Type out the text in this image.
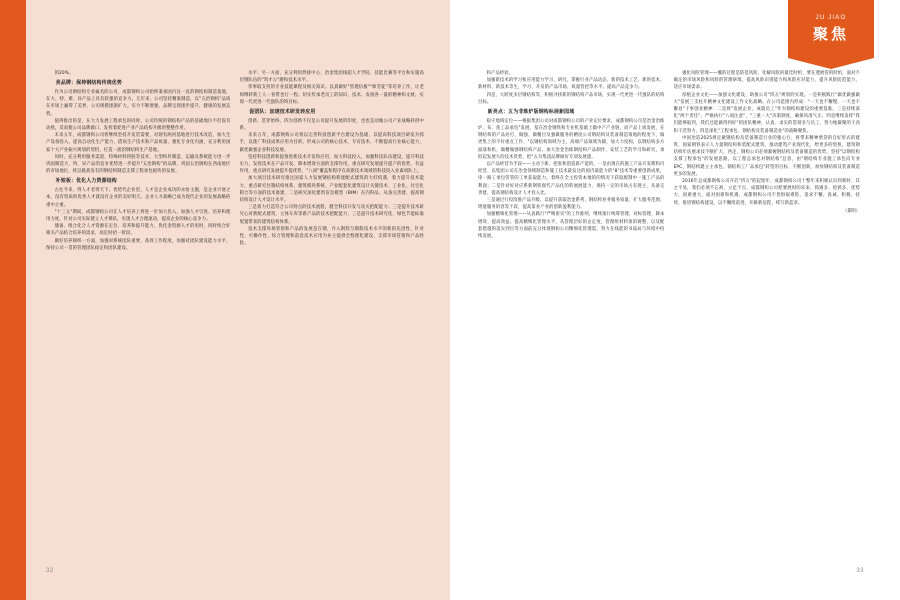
的20%。

亮品牌：保持钢结构传统优势

作为公司钢结构专业属名的公司，成都钢构公司始终秉承国内这一直的钢结构制造基地，在大、特、难、异产品上具有较强的竞争力。几年来，公司坚持精准制造，以"五治钢构"品质在市场上赢得了美誉，公司规模逐渐扩大。实力不断增强，品牌呈现逐步提升，健康的发展态势。

值得推出的是，在大力发展工程承包的同时，公司传统的钢结构产品的基础地位不但没有动摇，反而使公司品牌做口、发挥着促进产业产品结构升级的整整作用。

未来五年，成都钢构公司将继续坚持开发贯需要，对现有两河基地进行技术改造，加大生产设备投入，提高自动化生产能力，搭高生产技术和产品质量，强化专业化内涵，充分利用国家十大产业振兴规划的契机，打造一流的钢结构生产基地。

同时，充分利用服务渠道，特殊材料得股等技术、大型构件制造、运输及系统能力进一步巩固制造大、特、异产品的竞争优势进一步提升"五治钢构"的品牌，巩固五治钢构在西南地区的市场地位，将以挑战发有的钢结构制造支撑工程承包板块的发展。

补短板：优化人力资源结构

古往今来，得人才者得天下。优势代企业里，人才是企业成功的永恒主题，是企业兴衰之本，没有资质的优秀人才就没有企业的美好明天。企业人才战略已成为现代企业的发展战略的重中之重。

"十三五"期间，成都钢构公司在人才培养上将进一步加大投入，加强人才引进、培养和使用力度，针对公司实际建立人才梯队，实现人才合理流动，提高企业的核心竞争力。

储备、组合化合人才资源在定位、培养和提升能力，优化金资源人才的用时，同时组合好相关产品结合培养的需求，而定时招一阶段。

做好培养锦织一方面，加强对系统团队重要，高效工作程度，加强对团队建设能力水平，保持公司一贯的管理团队稳定和团队建设。

水平；另一方面，充分利用焊接中心、冶金集团线超人才学院、技能比赛等平台和实施高层钢队伍的"筑才公"磨和技术水平。

伟事取支持的专业技能课程及相关知识。以真做好"管理伍极""师劳徒"等培养工作，让老师傅转新工人一育带也行一程。切实传承老员工的知识、技术、发扬各一量的精神和文财，实现一代更进一代强队的终目标。

促团队：加速技术研发转应用

创新、贯穿始终，四为创新不仅是公司提升发展的印度，也也是动做公司产业战略转供中系。

未来五年，成都钢构公司将以完善科技创新平台建设为基础，以提高科技项目研发为抓手，以推广科技成果应用为目的，形成公司的核心技术、专有技术、不断提高行业核心能力，做优做强企业科技发展。

坚持科技创新和提推进新技术开发和应用，加大科技投入，加强科技队伍建设，提升科技实力，发挥技术在产品开发、降本增效方面的支撑作用，重点研究发展提升提产的优势、有益作用，重点研究发展提升提优势、"八项"覆盖和程序在高新技术领域的科技投入业素项队上。

加大项目技术研究推注国家人力发展钢结构积逐配式建筑的大好机遇，着力提升技术能力，重点研究住制结构体系、建筑模块系统、产业配套化建筑设计关键技术、工业化、住宅化制合等方面的技术准建、二是研究深化建筑信息模型（BIM）在内科品、从备完善建、提高钢结构设计人才设计水平。

三是着力打造符合公司特点的技术流程，健全科技开发与攻关把配能力；三是提升技术研究心对新配式建筑、立体车库等新产品的技术把配能力；三是提升技术研究化、绿色节能标准配置带来的建筑结构体系。

技术支撑库场管销和产品的发展是在钢，介入钢铁与钢筋技术水平的新的先进性、针对性、可操作性、综合管理和前沿技术应用为业主提供全程理化建设、支撑市场管销和产品经验。

32
JU JIAO
聚焦

和产品经验。

加强新技术的学习和应用能力学习、研究，掌握行业产品动态、新的技术工艺、新的技术、新材料、新技术等生，学习、开发的产品市场、质量管控等水平。提高产品竞争力。

四是、大跨度多层钢结构等、积极寻找新的钢结构产品市场，实现一代更进一代强队的结构目标。

新亮点：五为非炼炉版钢构标展新园域

稳守地域定位——根据集团公司对成都钢构公司的产业定位要求，成都钢构公司是冶金冶炼炉、布、焦工品承包"发展、基在冶金钢铁和专业机基础上做中产产业链，而产品上项发展，在钢结构的产品处打、做强、做精目及强做服务的精度公司钢结构及装备制造领地的程度下，做更集上的不好重点工作、"以钢结构领域为主，高端产品领域为辅、加大力度构，以钢结构多方面战和机，做精做强钢结构产品，加大冶金冶炼钢结构产品制作、安装工艺的学习和研究，承担起发展大的技术优势，把"五为集团品牌做好专项发展建。

以产品经营为手段——主动下新。把张和创造新产能的，一是由现在的施工产品开发期和内经营、以集团公司在冶金领域制造和施工技术最发达的国内最能力的"8"技术等重要创新成果，串一路工承包管管的工单获取能力。着终在全主投资本地的的情况下获取配制中一施工产品的利润；二是针对好对应系新钢铁现代产品化的转展展能力，保持一定的市场占有现主、从备完善建、提高钢结构设计人才投入比。

三是通过行投改推产品升级，以提升获取冶金系列、钢结构业务服务质量、扩大服务范围、增值服务的容等于段，提高第业产业的创新盈利能力。

加强精细化管理——从真践行"严细密实"的工作准则，继续推行统筹管理、对标管理、降本增效、提高效益。提高精细化管理水平，从管理层好的企定度、管理组材料条的调整，以及配套措施的落实到位等方面前充分体现钢构公司精细化管理需，努力在线能的书战局与环境中持续发展。

强化风险管理——覆的过程是防范风险、化解风险的最佳时机、要在透展管的时机，面对不确定的市场风险和风险的管理研境，提高风险识别能力和风险应对能力，提升风险防范能力，适应市场需求。

厚植企业文化——加强文化建设、助推公司"四五"规划的实现。一是积极践行"做优做强做大"发展三支柱升精神文化建设工作文化战略。在公司范围内形成："一天也不懈慢，一天也不懈怠"干事创业精神：二是将"发展企业、成就员工"作为钢结构建设的重要基准。三是持续深化"两个责任"、严格执行"八项注意"、"三重一大"决策制度，确保风清气正；四是继续发挥"我们能够取到，我们还能做得到好"的团队精神，认真、求实的贯彻多与员工，努力地凝聚的干劲和干活努力，四是深化"工程承包、钢结构及装备制造业"的战略聚焦。

中国冶造2025规定做钢结构及装备制造行业的强心行、将带来精神增贷的自好形式的建筑、国家钢铁表示人力量钢结构和装配式建筑、推动建筑产业现代化，给更多的契机，建筑钢结构年估展求技不断扩大、西走、钢构公司必须紧握钢结构及装备制造的优势，坚持"以钢结构支撑工程承包"的发展思路，以工程总承包对钢结构"总容、由"钢结构专业施工承包向专业EPC、钢结构建立主承包、钢结构工厂品承包"转型的目标、不断创新，加快钢结构及装备制造更多的发展。

2016年总成都钢构公司开启"四五"的起始年、成都钢构公司十整年来积极认识到新时、其之不易，我们必须不忘初、立足于点、成都钢构公司把要展时的未来、抓遇多、抢抓多、优势大、困难重大，面对困难和机遇，成都钢构公司不畏惧艰难险、追求不懈，真诚、积极、持续、推进钢结构建设，以不懈续前进、开路新征程、续写新蓝章。

（郑明）

33
